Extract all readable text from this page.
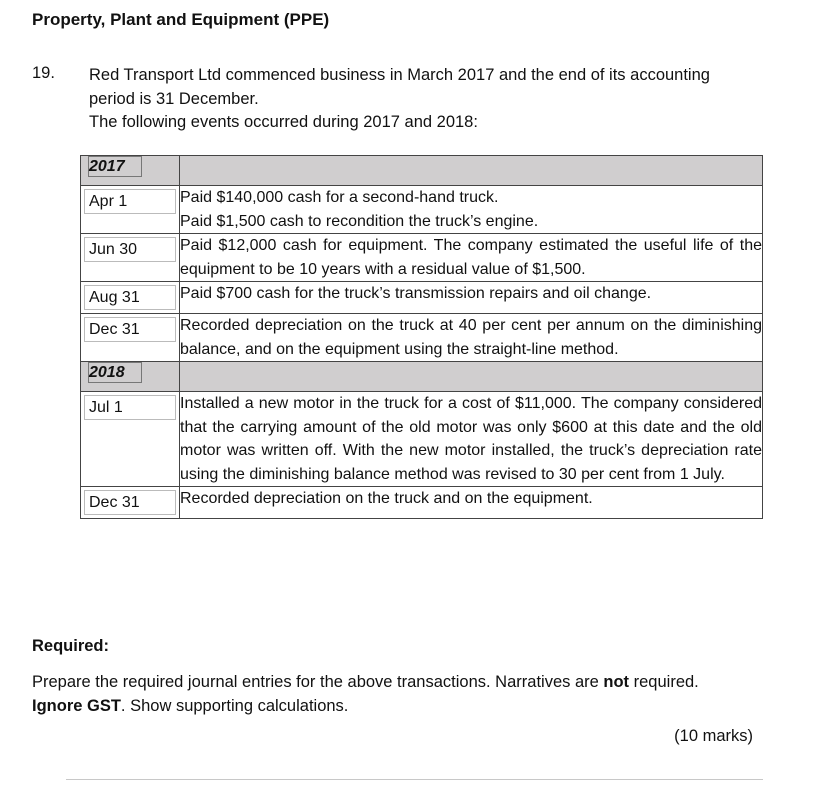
Property, Plant and Equipment (PPE)
19. Red Transport Ltd commenced business in March 2017 and the end of its accounting
period is 31 December.
The following events occurred during 2017 and 2018:
2017	

Apr 1	Paid $140,000 cash for a second-hand truck.
Paid $1,500 cash to recondition the truck’s engine.

Jun 30	Paid $12,000 cash for equipment. The company estimated the useful life of the equipment to be 10 years with a residual value of $1,500.

Aug 31	Paid $700 cash for the truck’s transmission repairs and oil change.

Dec 31	Recorded depreciation on the truck at 40 per cent per annum on the diminishing balance, and on the equipment using the straight-line method.
2018	

Jul 1	Installed a new motor in the truck for a cost of $11,000. The company considered that the carrying amount of the old motor was only $600 at this date and the old motor was written off. With the new motor installed, the truck’s depreciation rate using the diminishing balance method was revised to 30 per cent from 1 July.

Dec 31	Recorded depreciation on the truck and on the equipment.
Required:
Prepare the required journal entries for the above transactions. Narratives are not required.
Ignore GST. Show supporting calculations.
(10 marks)
